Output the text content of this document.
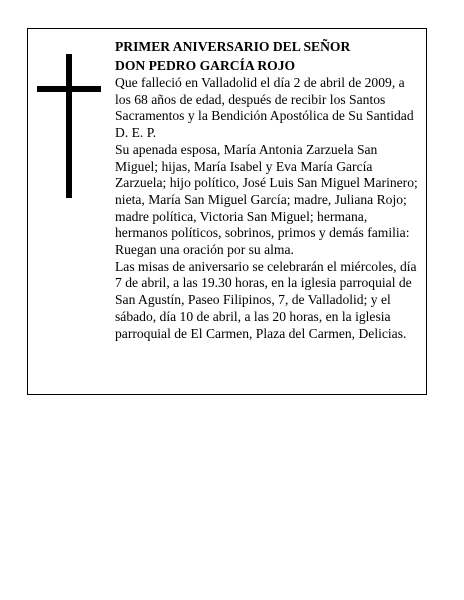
PRIMER ANIVERSARIO DEL SEÑOR
DON PEDRO GARCÍA ROJO
Que falleció en Valladolid el día 2 de abril de 2009, a
los 68 años de edad, después de recibir los Santos
Sacramentos y la Bendición Apostólica de Su Santidad
D. E. P.
Su apenada esposa, María Antonia Zarzuela San
Miguel; hijas, María Isabel y Eva María García
Zarzuela; hijo político, José Luis San Miguel Marinero;
nieta, María San Miguel García; madre, Juliana Rojo;
madre política, Victoria San Miguel; hermana,
hermanos políticos, sobrinos, primos y demás familia:
Ruegan una oración por su alma.
Las misas de aniversario se celebrarán el miércoles, día
7 de abril, a las 19.30 horas, en la iglesia parroquial de
San Agustín, Paseo Filipinos, 7, de Valladolid; y el
sábado, día 10 de abril, a las 20 horas, en la iglesia
parroquial de El Carmen, Plaza del Carmen, Delicias.
